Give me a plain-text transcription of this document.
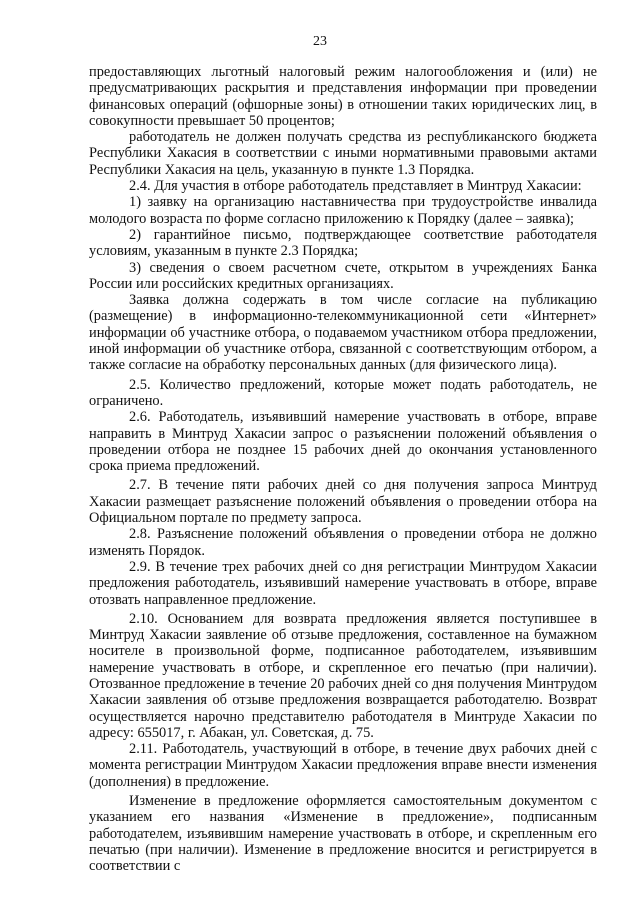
23

предоставляющих льготный налоговый режим налогообложения и (или) не предусматривающих раскрытия и представления информации при проведении финансовых операций (офшорные зоны) в отношении таких юридических лиц, в совокупности превышает 50 процентов;

работодатель не должен получать средства из республиканского бюджета Республики Хакасия в соответствии с иными нормативными правовыми актами Республики Хакасия на цель, указанную в пункте 1.3 Порядка.

2.4. Для участия в отборе работодатель представляет в Минтруд Хакасии:

1) заявку на организацию наставничества при трудоустройстве инвалида молодого возраста по форме согласно приложению к Порядку (далее – заявка);

2) гарантийное письмо, подтверждающее соответствие работодателя условиям, указанным в пункте 2.3 Порядка;

3) сведения о своем расчетном счете, открытом в учреждениях Банка России или российских кредитных организациях.

Заявка должна содержать в том числе согласие на публикацию (размещение) в информационно-телекоммуникационной сети «Интернет» информации об участнике отбора, о подаваемом участником отбора предложении, иной информации об участнике отбора, связанной с соответствующим отбором, а также согласие на обработку персональных данных (для физического лица).

2.5. Количество предложений, которые может подать работодатель, не ограничено.

2.6. Работодатель, изъявивший намерение участвовать в отборе, вправе направить в Минтруд Хакасии запрос о разъяснении положений объявления о проведении отбора не позднее 15 рабочих дней до окончания установленного срока приема предложений.

2.7. В течение пяти рабочих дней со дня получения запроса Минтруд Хакасии размещает разъяснение положений объявления о проведении отбора на Официальном портале по предмету запроса.

2.8. Разъяснение положений объявления о проведении отбора не должно изменять Порядок.

2.9. В течение трех рабочих дней со дня регистрации Минтрудом Хакасии предложения работодатель, изъявивший намерение участвовать в отборе, вправе отозвать направленное предложение.

2.10. Основанием для возврата предложения является поступившее в Минтруд Хакасии заявление об отзыве предложения, составленное на бумажном носителе в произвольной форме, подписанное работодателем, изъявившим намерение участвовать в отборе, и скрепленное его печатью (при наличии). Отозванное предложение в течение 20 рабочих дней со дня получения Минтрудом Хакасии заявления об отзыве предложения возвращается работодателю. Возврат осуществляется нарочно представителю работодателя в Минтруде Хакасии по адресу: 655017, г. Абакан, ул. Советская, д. 75.

2.11. Работодатель, участвующий в отборе, в течение двух рабочих дней с момента регистрации Минтрудом Хакасии предложения вправе внести изменения (дополнения) в предложение.

Изменение в предложение оформляется самостоятельным документом с указанием его названия «Изменение в предложение», подписанным работодателем, изъявившим намерение участвовать в отборе, и скрепленным его печатью (при наличии). Изменение в предложение вносится и регистрируется в соответствии с
